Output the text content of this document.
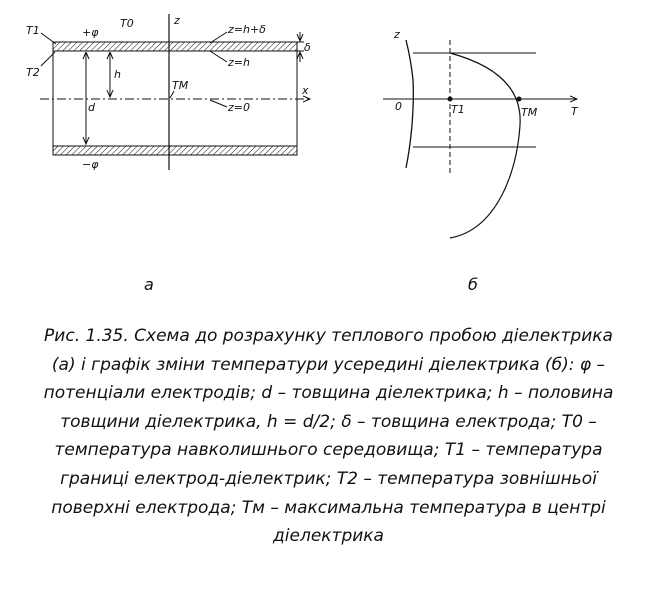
T1
T2
+φ
T0	z
x
h
d
TM
z=h+δ
z=h
z=0
δ
−φ
а
z
0	T1	TM	T
б
Рис. 1.35. Схема до розрахунку теплового пробою діелектрика
(а) і графік зміни температури усередині діелектрика (б): φ –
потенціали електродів; d – товщина діелектрика; h – половина
товщини діелектрика, h = d/2; δ – товщина електрода; T0 –
температура навколишнього середовища; T1 – температура
границі електрод-діелектрик; T2 – температура зовнішньої
поверхні електрода; Tм – максимальна температура в центрі
діелектрика
